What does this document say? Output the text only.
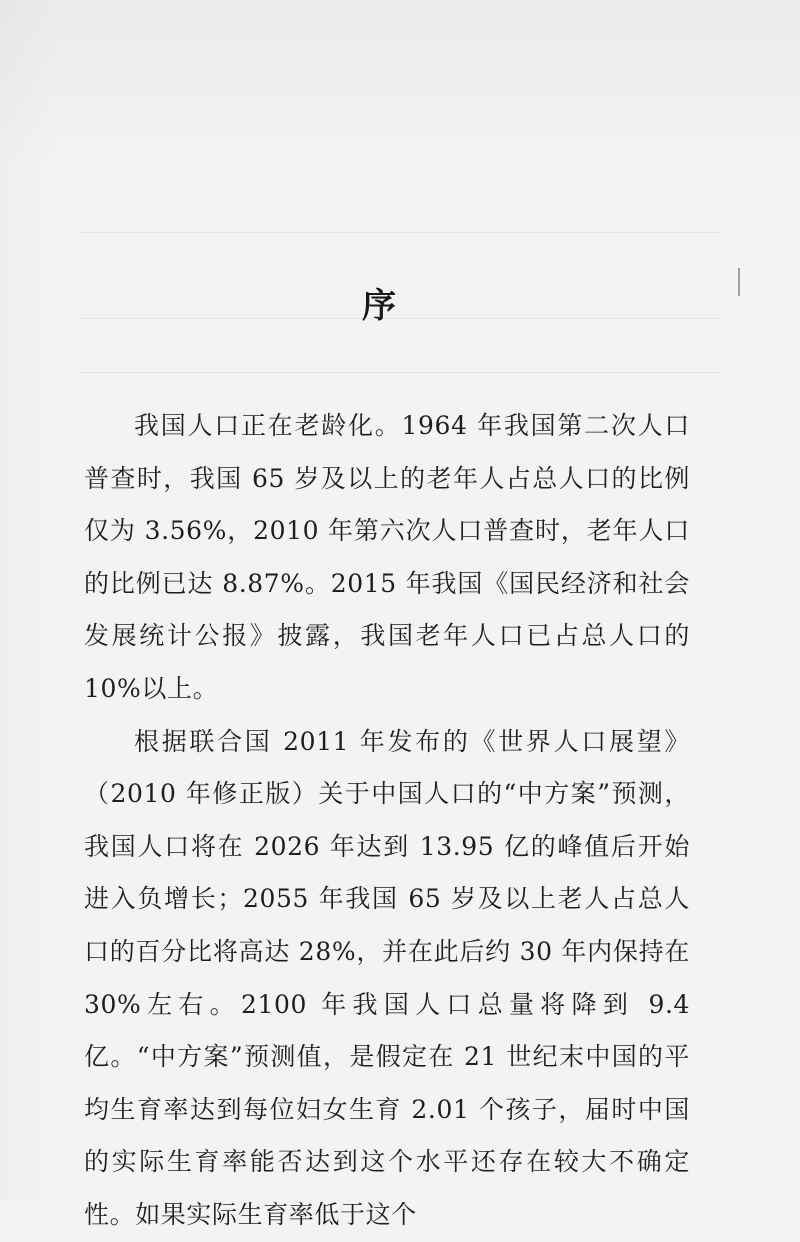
序

我国人口正在老龄化。1964 年我国第二次人口普查时，我国 65 岁及以上的老年人占总人口的比例仅为 3.56%，2010 年第六次人口普查时，老年人口的比例已达 8.87%。2015 年我国《国民经济和社会发展统计公报》披露，我国老年人口已占总人口的 10%以上。

根据联合国 2011 年发布的《世界人口展望》（2010 年修正版）关于中国人口的“中方案”预测，我国人口将在 2026 年达到 13.95 亿的峰值后开始进入负增长；2055 年我国 65 岁及以上老人占总人口的百分比将高达 28%，并在此后约 30 年内保持在 30%左右。2100 年我国人口总量将降到 9.4 亿。“中方案”预测值，是假定在 21 世纪末中国的平均生育率达到每位妇女生育 2.01 个孩子，届时中国的实际生育率能否达到这个水平还存在较大不确定性。如果实际生育率低于这个
